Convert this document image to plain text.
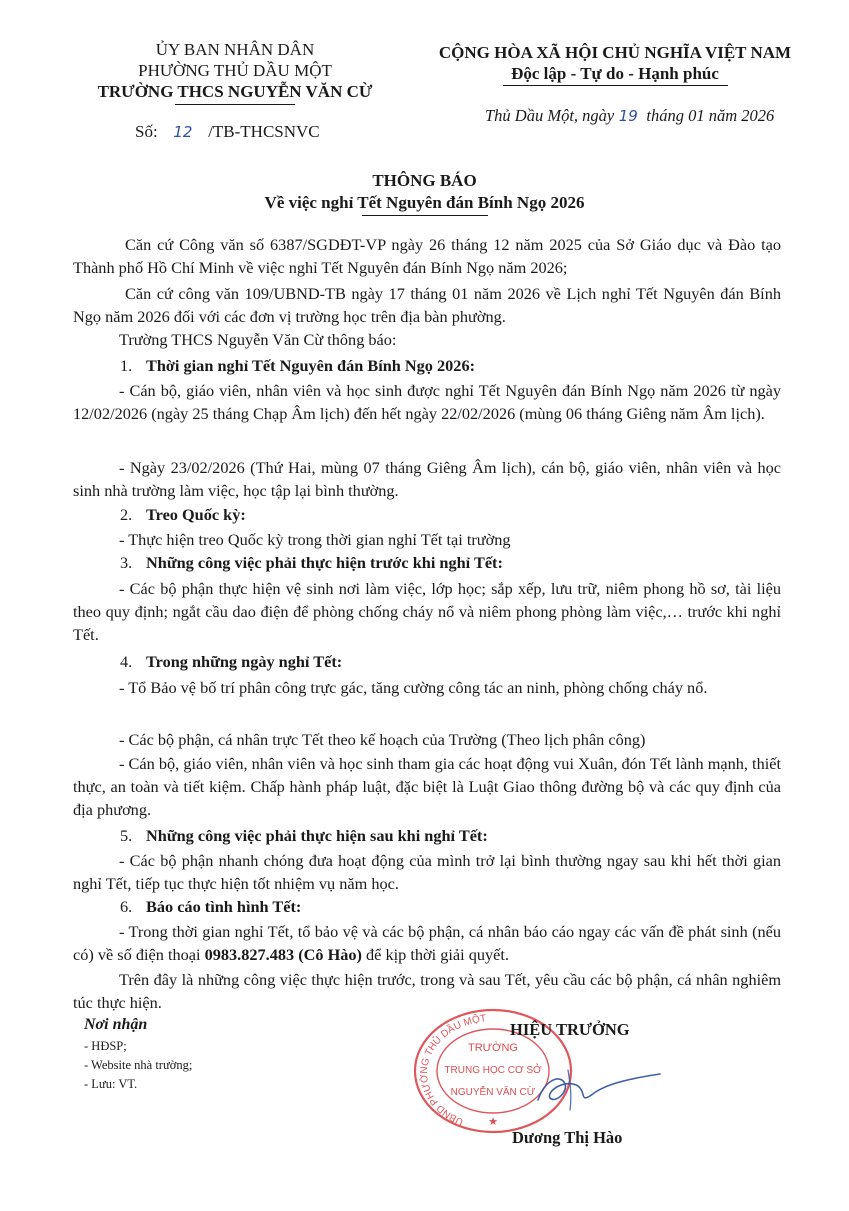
ỦY BAN NHÂN DÂN
PHƯỜNG THỦ DẦU MỘT
TRƯỜNG THCS NGUYỄN VĂN CỪ
Số: 12 /TB-THCSNVC
CỘNG HÒA XÃ HỘI CHỦ NGHĨA VIỆT NAM
Độc lập - Tự do - Hạnh phúc
Thủ Dầu Một, ngày 19 tháng 01 năm 2026
THÔNG BÁO
Về việc nghỉ Tết Nguyên đán Bính Ngọ 2026
Căn cứ Công văn số 6387/SGDĐT-VP ngày 26 tháng 12 năm 2025 của Sở Giáo dục và Đào tạo Thành phố Hồ Chí Minh về việc nghỉ Tết Nguyên đán Bính Ngọ năm 2026;
Căn cứ công văn 109/UBND-TB ngày 17 tháng 01 năm 2026 về Lịch nghỉ Tết Nguyên đán Bính Ngọ năm 2026 đối với các đơn vị trường học trên địa bàn phường.
Trường THCS Nguyễn Văn Cừ thông báo:
1. Thời gian nghỉ Tết Nguyên đán Bính Ngọ 2026:
- Cán bộ, giáo viên, nhân viên và học sinh được nghỉ Tết Nguyên đán Bính Ngọ năm 2026 từ ngày 12/02/2026 (ngày 25 tháng Chạp Âm lịch) đến hết ngày 22/02/2026 (mùng 06 tháng Giêng năm Âm lịch).
- Ngày 23/02/2026 (Thứ Hai, mùng 07 tháng Giêng Âm lịch), cán bộ, giáo viên, nhân viên và học sinh nhà trường làm việc, học tập lại bình thường.
2. Treo Quốc kỳ:
- Thực hiện treo Quốc kỳ trong thời gian nghỉ Tết tại trường
3. Những công việc phải thực hiện trước khi nghỉ Tết:
- Các bộ phận thực hiện vệ sinh nơi làm việc, lớp học; sắp xếp, lưu trữ, niêm phong hồ sơ, tài liệu theo quy định; ngắt cầu dao điện để phòng chống cháy nổ và niêm phong phòng làm việc,… trước khi nghỉ Tết.
4. Trong những ngày nghỉ Tết:
- Tổ Bảo vệ bố trí phân công trực gác, tăng cường công tác an ninh, phòng chống cháy nổ.
- Các bộ phận, cá nhân trực Tết theo kế hoạch của Trường (Theo lịch phân công)
- Cán bộ, giáo viên, nhân viên và học sinh tham gia các hoạt động vui Xuân, đón Tết lành mạnh, thiết thực, an toàn và tiết kiệm. Chấp hành pháp luật, đặc biệt là Luật Giao thông đường bộ và các quy định của địa phương.
5. Những công việc phải thực hiện sau khi nghỉ Tết:
- Các bộ phận nhanh chóng đưa hoạt động của mình trở lại bình thường ngay sau khi hết thời gian nghỉ Tết, tiếp tục thực hiện tốt nhiệm vụ năm học.
6. Báo cáo tình hình Tết:
- Trong thời gian nghỉ Tết, tổ bảo vệ và các bộ phận, cá nhân báo cáo ngay các vấn đề phát sinh (nếu có) về số điện thoại 0983.827.483 (Cô Hào) để kịp thời giải quyết.
Trên đây là những công việc thực hiện trước, trong và sau Tết, yêu cầu các bộ phận, cá nhân nghiêm túc thực hiện.
Nơi nhận
- HĐSP;
- Website nhà trường;
- Lưu: VT.
UBND PHƯỜNG THỦ DẦU MỘT
TRƯỜNG
TRUNG HỌC CƠ SỞ
NGUYỄN VĂN CỪ
★
HIỆU TRƯỞNG
Dương Thị Hào
